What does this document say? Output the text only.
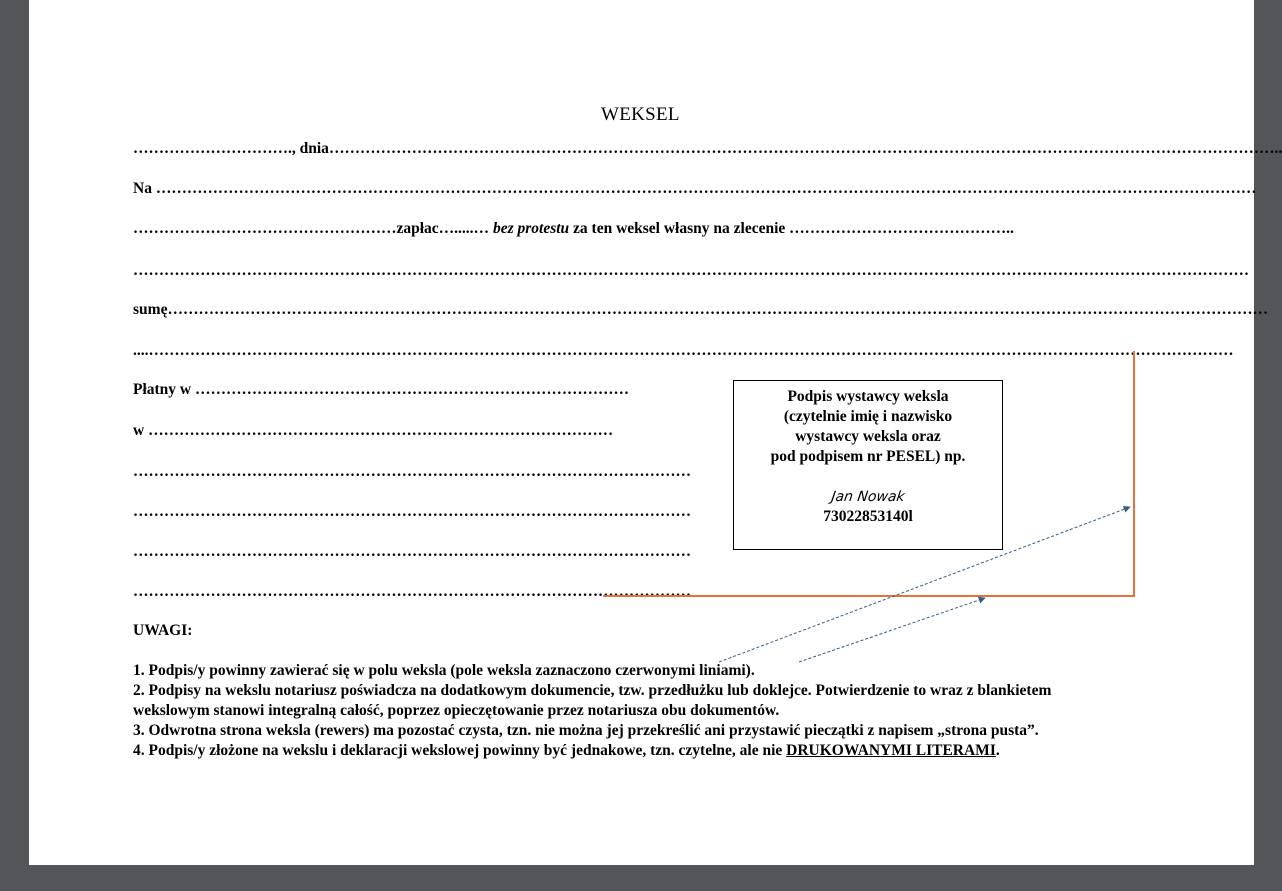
WEKSEL
…………………………., dnia…………………………………………………………………………………………………………………………………………………………………..
Na ……………………………………………………………………………………………………………………………………………………………………………………………
……………………………………………zapłac….....… bez protestu za ten weksel własny na zlecenie ……………………………………..
………………………………………………………………………………………………………………………………………………………………………………………………
sumę……………………………………………………………………………………………………………………………………………………………………………………………
....…………………………………………………………………………………………………………………………………………………………………………………………
Płatny w …………………………………………………………………………
w ………………………………………………………………………………
………………………………………………………………………………………………
………………………………………………………………………………………………
………………………………………………………………………………………………
………………………………………………………………………………………………
Podpis wystawcy weksla
(czytelnie imię i nazwisko
wystawcy weksla oraz
pod podpisem nr PESEL) np.
Jan Nowak
73022853140l
UWAGI:
1. Podpis/y powinny zawierać się w polu weksla (pole weksla zaznaczono czerwonymi liniami).
2. Podpisy na wekslu notariusz poświadcza na dodatkowym dokumencie, tzw. przedłużku lub doklejce. Potwierdzenie to wraz z blankietem
wekslowym stanowi integralną całość, poprzez opieczętowanie przez notariusza obu dokumentów.
3. Odwrotna strona weksla (rewers) ma pozostać czysta, tzn. nie można jej przekreślić ani przystawić pieczątki z napisem „strona pusta”.
4. Podpis/y złożone na wekslu i deklaracji wekslowej powinny być jednakowe, tzn. czytelne, ale nie DRUKOWANYMI LITERAMI.
